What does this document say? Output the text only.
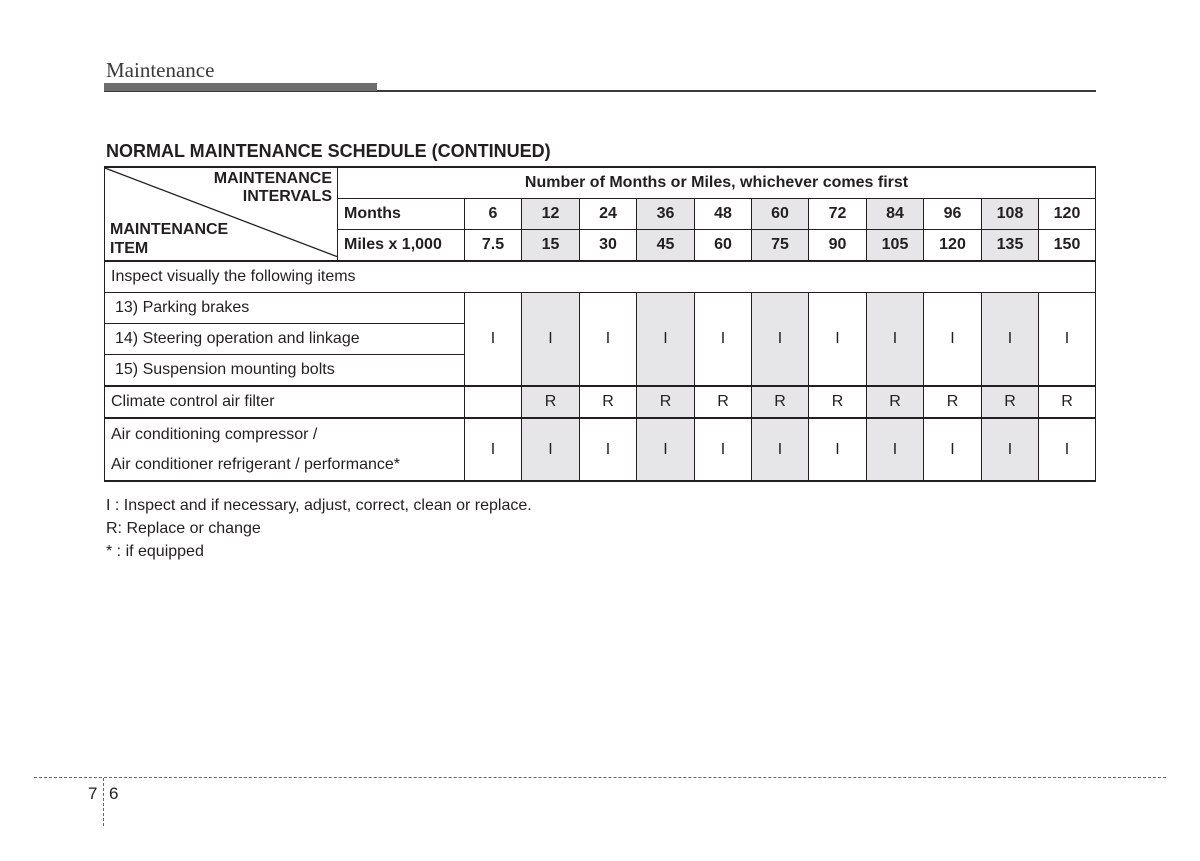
Maintenance
NORMAL MAINTENANCE SCHEDULE (CONTINUED)
MAINTENANCE
INTERVALS
MAINTENANCE
ITEM	Number of Months or Miles, whichever comes first											
	Months	6	12	24	36	48	60	72	84	96	108	120
	Miles x 1,000	7.5	15	30	45	60	75	90	105	120	135	150
Inspect visually the following items												
13) Parking brakes		I	I	I	I	I	I	I	I	I	I	I
14) Steering operation and linkage												
15) Suspension mounting bolts												
Climate control air filter			R	R	R	R	R	R	R	R	R	R

Air conditioning compressor /
Air conditioner refrigerant / performance*		I	I	I	I	I	I	I	I	I	I	I
I : Inspect and if necessary, adjust, correct, clean or replace.
R: Replace or change
* : if equipped
7 6
